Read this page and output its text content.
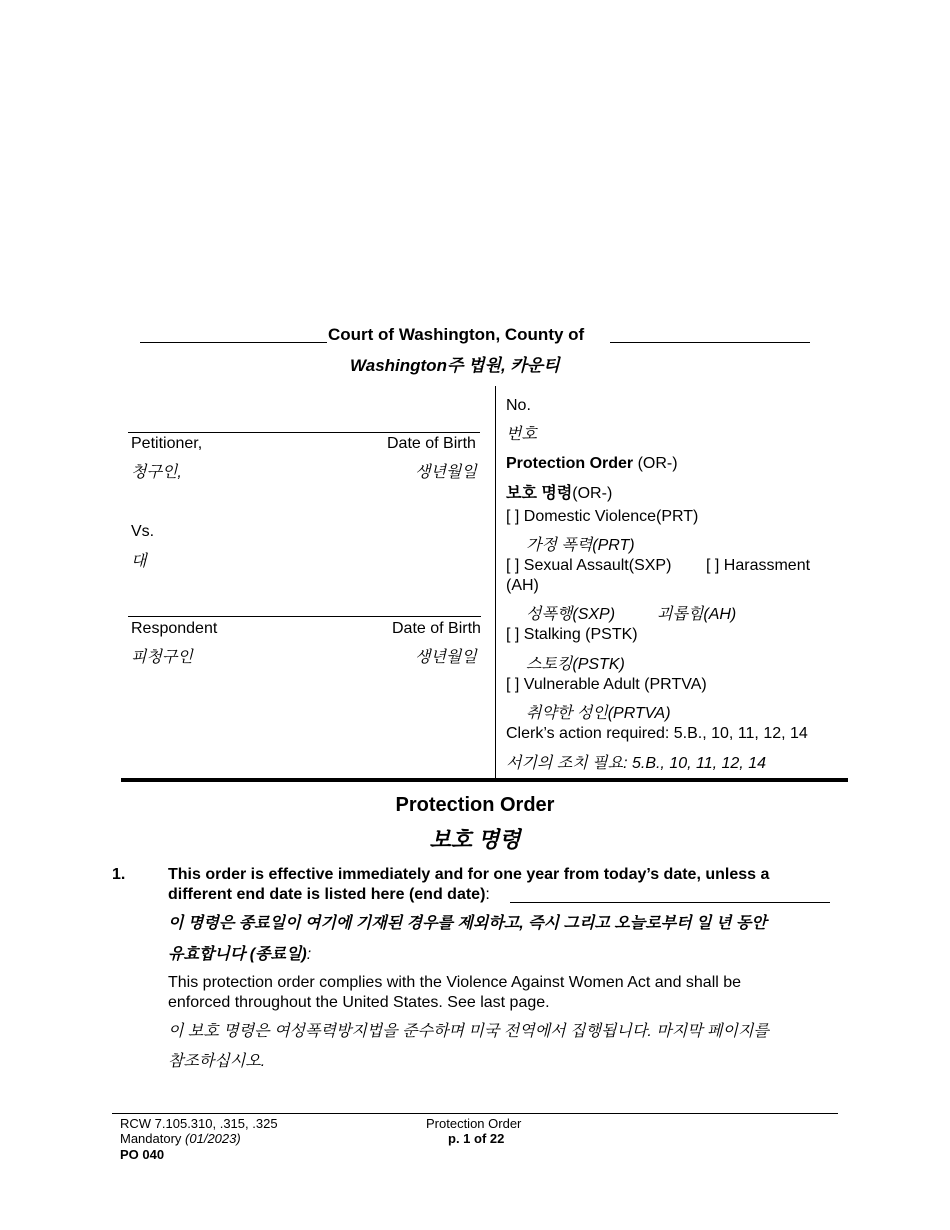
Court of Washington, County of
Washington주 법원, 카운티
Petitioner,	Date of Birth
청구인,	생년월일
Vs.
대
Respondent	Date of Birth
피청구인	생년월일
No.
번호
Protection Order (OR-)
보호 명령(OR-)
[ ] Domestic Violence(PRT)
가정 폭력(PRT)
[ ] Sexual Assault(SXP) [ ] Harassment
(AH)
성폭행(SXP)	괴롭힘(AH)
[ ] Stalking (PSTK)
스토킹(PSTK)
[ ] Vulnerable Adult (PRTVA)
취약한 성인(PRTVA)
Clerk’s action required: 5.B., 10, 11, 12, 14
서기의 조치 필요: 5.B., 10, 11, 12, 14
Protection Order
보호 명령
1.	This order is effective immediately and for one year from today’s date, unless a
different end date is listed here (end date):
이 명령은 종료일이 여기에 기재된 경우를 제외하고, 즉시 그리고 오늘로부터 일 년 동안
유효합니다 (종료일):
This protection order complies with the Violence Against Women Act and shall be
enforced throughout the United States. See last page.
이 보호 명령은 여성폭력방지법을 준수하며 미국 전역에서 집행됩니다. 마지막 페이지를
참조하십시오.
RCW 7.105.310, .315, .325
Mandatory (01/2023)
PO 040
Protection Order
p. 1 of 22
